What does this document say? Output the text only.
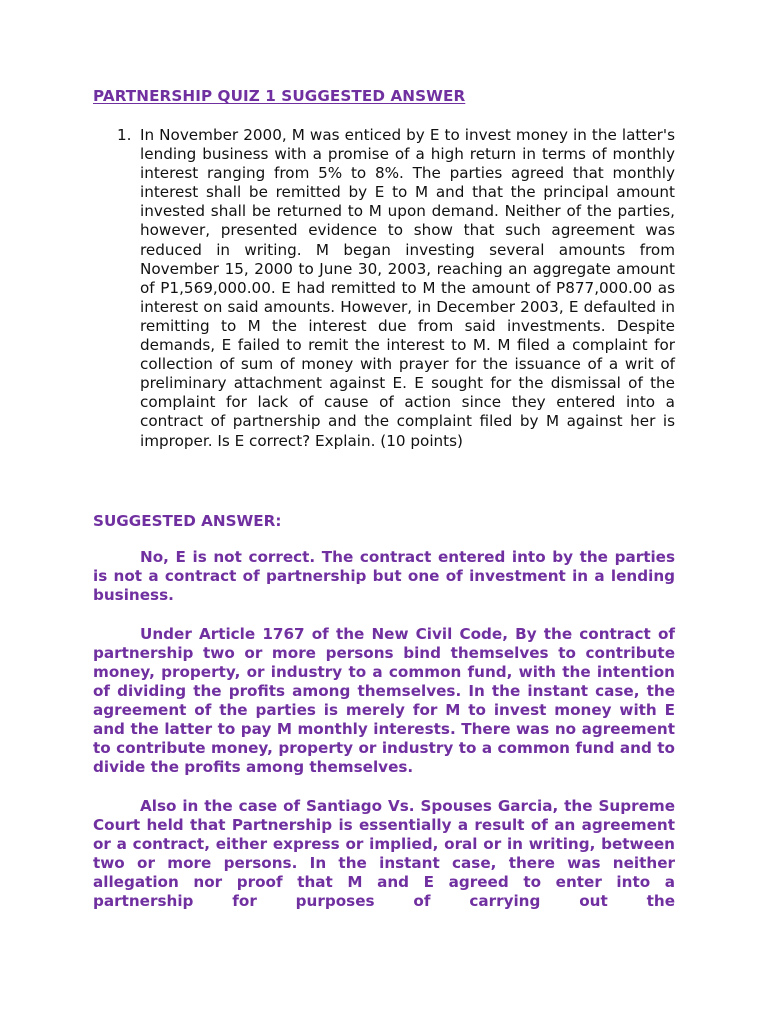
PARTNERSHIP QUIZ 1 SUGGESTED ANSWER
1. In November 2000, M was enticed by E to invest money in the latter's lending business with a promise of a high return in terms of monthly interest ranging from 5% to 8%. The parties agreed that monthly interest shall be remitted by E to M and that the principal amount invested shall be returned to M upon demand. Neither of the parties, however, presented evidence to show that such agreement was reduced in writing. M began investing several amounts from November 15, 2000 to June 30, 2003, reaching an aggregate amount of P1,569,000.00. E had remitted to M the amount of P877,000.00 as interest on said amounts. However, in December 2003, E defaulted in remitting to M the interest due from said investments. Despite demands, E failed to remit the interest to M. M filed a complaint for collection of sum of money with prayer for the issuance of a writ of preliminary attachment against E. E sought for the dismissal of the complaint for lack of cause of action since they entered into a contract of partnership and the complaint filed by M against her is improper. Is E correct? Explain. (10 points)
SUGGESTED ANSWER:

No, E is not correct. The contract entered into by the parties is not a contract of partnership but one of investment in a lending business.

Under Article 1767 of the New Civil Code, By the contract of partnership two or more persons bind themselves to contribute money, property, or industry to a common fund, with the intention of dividing the profits among themselves. In the instant case, the agreement of the parties is merely for M to invest money with E and the latter to pay M monthly interests. There was no agreement to contribute money, property or industry to a common fund and to divide the profits among themselves.

Also in the case of Santiago Vs. Spouses Garcia, the Supreme Court held that Partnership is essentially a result of an agreement or a contract, either express or implied, oral or in writing, between two or more persons. In the instant case, there was neither allegation nor proof that M and E agreed to enter into a partnership for purposes of carrying out the
